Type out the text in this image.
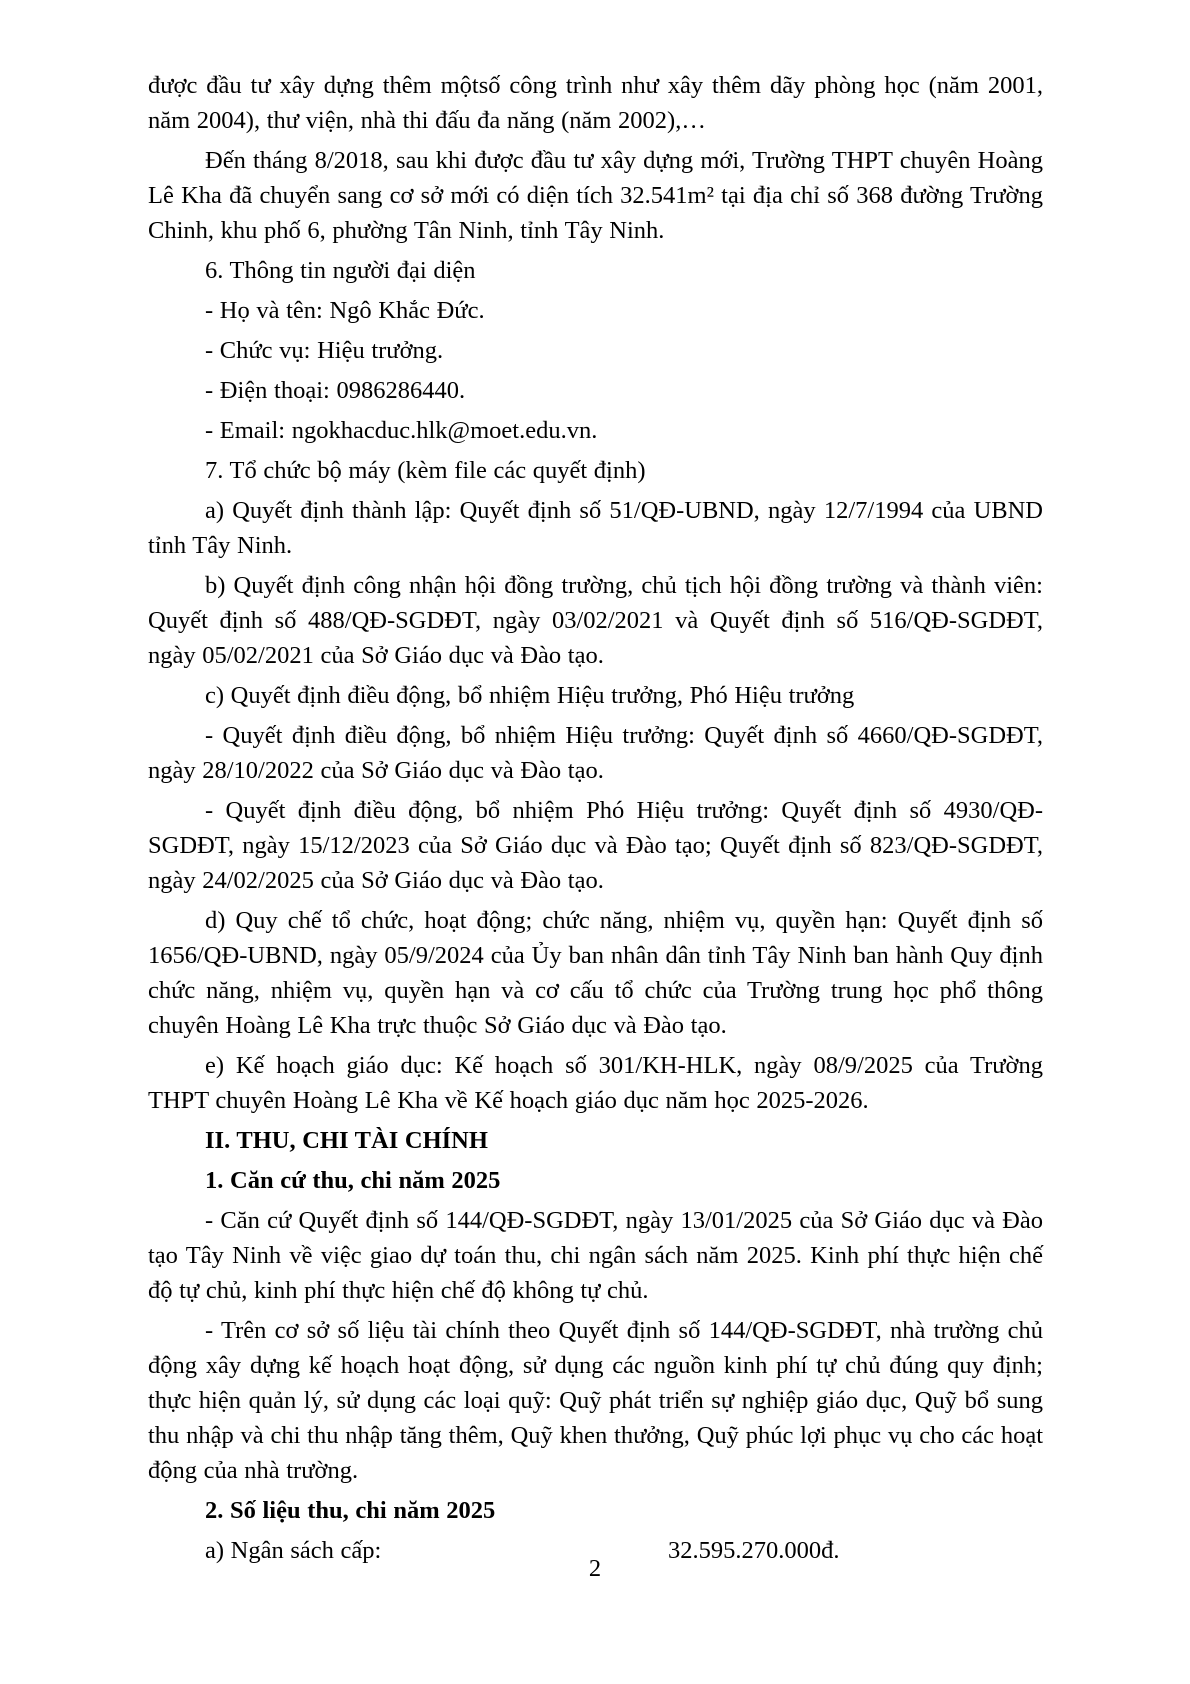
được đầu tư xây dựng thêm mộtsố công trình như xây thêm dãy phòng học (năm 2001, năm 2004), thư viện, nhà thi đấu đa năng (năm 2002),…

Đến tháng 8/2018, sau khi được đầu tư xây dựng mới, Trường THPT chuyên Hoàng Lê Kha đã chuyển sang cơ sở mới có diện tích 32.541m² tại địa chỉ số 368 đường Trường Chinh, khu phố 6, phường Tân Ninh, tỉnh Tây Ninh.

6. Thông tin người đại diện

- Họ và tên: Ngô Khắc Đức.

- Chức vụ: Hiệu trưởng.

- Điện thoại: 0986286440.

- Email: ngokhacduc.hlk@moet.edu.vn.

7. Tổ chức bộ máy (kèm file các quyết định)

a) Quyết định thành lập: Quyết định số 51/QĐ-UBND, ngày 12/7/1994 của UBND tỉnh Tây Ninh.

b) Quyết định công nhận hội đồng trường, chủ tịch hội đồng trường và thành viên: Quyết định số 488/QĐ-SGDĐT, ngày 03/02/2021 và Quyết định số 516/QĐ-SGDĐT, ngày 05/02/2021 của Sở Giáo dục và Đào tạo.

c) Quyết định điều động, bổ nhiệm Hiệu trưởng, Phó Hiệu trưởng

- Quyết định điều động, bổ nhiệm Hiệu trưởng: Quyết định số 4660/QĐ-SGDĐT, ngày 28/10/2022 của Sở Giáo dục và Đào tạo.

- Quyết định điều động, bổ nhiệm Phó Hiệu trưởng: Quyết định số 4930/QĐ-SGDĐT, ngày 15/12/2023 của Sở Giáo dục và Đào tạo; Quyết định số 823/QĐ-SGDĐT, ngày 24/02/2025 của Sở Giáo dục và Đào tạo.

d) Quy chế tổ chức, hoạt động; chức năng, nhiệm vụ, quyền hạn: Quyết định số 1656/QĐ-UBND, ngày 05/9/2024 của Ủy ban nhân dân tỉnh Tây Ninh ban hành Quy định chức năng, nhiệm vụ, quyền hạn và cơ cấu tổ chức của Trường trung học phổ thông chuyên Hoàng Lê Kha trực thuộc Sở Giáo dục và Đào tạo.

e) Kế hoạch giáo dục: Kế hoạch số 301/KH-HLK, ngày 08/9/2025 của Trường THPT chuyên Hoàng Lê Kha về Kế hoạch giáo dục năm học 2025-2026.

II. THU, CHI TÀI CHÍNH

1. Căn cứ thu, chi năm 2025

- Căn cứ Quyết định số 144/QĐ-SGDĐT, ngày 13/01/2025 của Sở Giáo dục và Đào tạo Tây Ninh về việc giao dự toán thu, chi ngân sách năm 2025. Kinh phí thực hiện chế độ tự chủ, kinh phí thực hiện chế độ không tự chủ.

- Trên cơ sở số liệu tài chính theo Quyết định số 144/QĐ-SGDĐT, nhà trường chủ động xây dựng kế hoạch hoạt động, sử dụng các nguồn kinh phí tự chủ đúng quy định; thực hiện quản lý, sử dụng các loại quỹ: Quỹ phát triển sự nghiệp giáo dục, Quỹ bổ sung thu nhập và chi thu nhập tăng thêm, Quỹ khen thưởng, Quỹ phúc lợi phục vụ cho các hoạt động của nhà trường.

2. Số liệu thu, chi năm 2025

a) Ngân sách cấp:	32.595.270.000đ.

2
